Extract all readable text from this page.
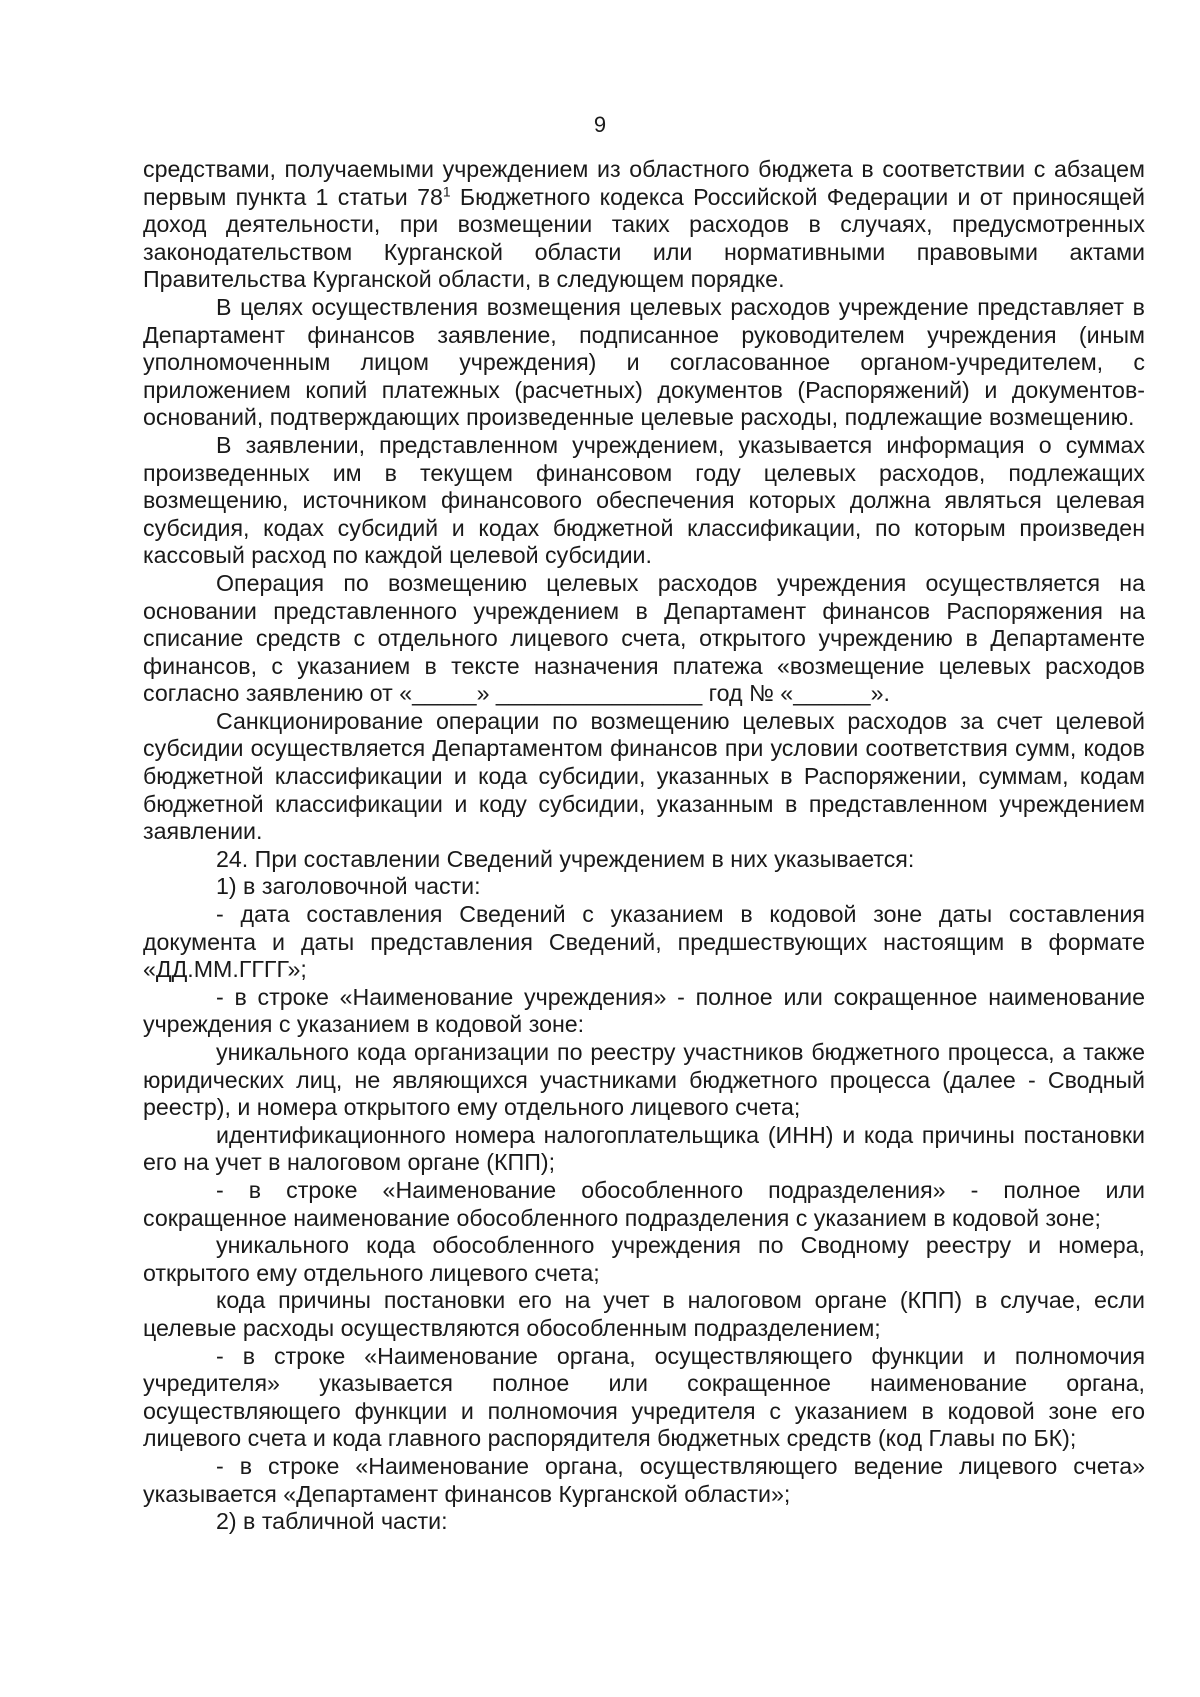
9

средствами, получаемыми учреждением из областного бюджета в соответствии с абзацем первым пункта 1 статьи $78^1$ Бюджетного кодекса Российской Федерации и от приносящей доход деятельности, при возмещении таких расходов в случаях, предусмотренных законодательством Курганской области или нормативными правовыми актами Правительства Курганской области, в следующем порядке.

В целях осуществления возмещения целевых расходов учреждение представляет в Департамент финансов заявление, подписанное руководителем учреждения (иным уполномоченным лицом учреждения) и согласованное органом-учредителем, с приложением копий платежных (расчетных) документов (Распоряжений) и документов-оснований, подтверждающих произведенные целевые расходы, подлежащие возмещению.

В заявлении, представленном учреждением, указывается информация о суммах произведенных им в текущем финансовом году целевых расходов, подлежащих возмещению, источником финансового обеспечения которых должна являться целевая субсидия, кодах субсидий и кодах бюджетной классификации, по которым произведен кассовый расход по каждой целевой субсидии.

Операция по возмещению целевых расходов учреждения осуществляется на основании представленного учреждением в Департамент финансов Распоряжения на списание средств с отдельного лицевого счета, открытого учреждению в Департаменте финансов, с указанием в тексте назначения платежа «возмещение целевых расходов согласно заявлению от «_____» ________________ год № «______».

Санкционирование операции по возмещению целевых расходов за счет целевой субсидии осуществляется Департаментом финансов при условии соответствия сумм, кодов бюджетной классификации и кода субсидии, указанных в Распоряжении, суммам, кодам бюджетной классификации и коду субсидии, указанным в представленном учреждением заявлении.

24. При составлении Сведений учреждением в них указывается:

1) в заголовочной части:

- дата составления Сведений с указанием в кодовой зоне даты составления документа и даты представления Сведений, предшествующих настоящим в формате «ДД.ММ.ГГГГ»;

- в строке «Наименование учреждения» - полное или сокращенное наименование учреждения с указанием в кодовой зоне:

уникального кода организации по реестру участников бюджетного процесса, а также юридических лиц, не являющихся участниками бюджетного процесса (далее - Сводный реестр), и номера открытого ему отдельного лицевого счета;

идентификационного номера налогоплательщика (ИНН) и кода причины постановки его на учет в налоговом органе (КПП);

- в строке «Наименование обособленного подразделения» - полное или сокращенное наименование обособленного подразделения с указанием в кодовой зоне;

уникального кода обособленного учреждения по Сводному реестру и номера, открытого ему отдельного лицевого счета;

кода причины постановки его на учет в налоговом органе (КПП) в случае, если целевые расходы осуществляются обособленным подразделением;

- в строке «Наименование органа, осуществляющего функции и полномочия учредителя» указывается полное или сокращенное наименование органа, осуществляющего функции и полномочия учредителя с указанием в кодовой зоне его лицевого счета и кода главного распорядителя бюджетных средств (код Главы по БК);

- в строке «Наименование органа, осуществляющего ведение лицевого счета» указывается «Департамент финансов Курганской области»;

2) в табличной части:
